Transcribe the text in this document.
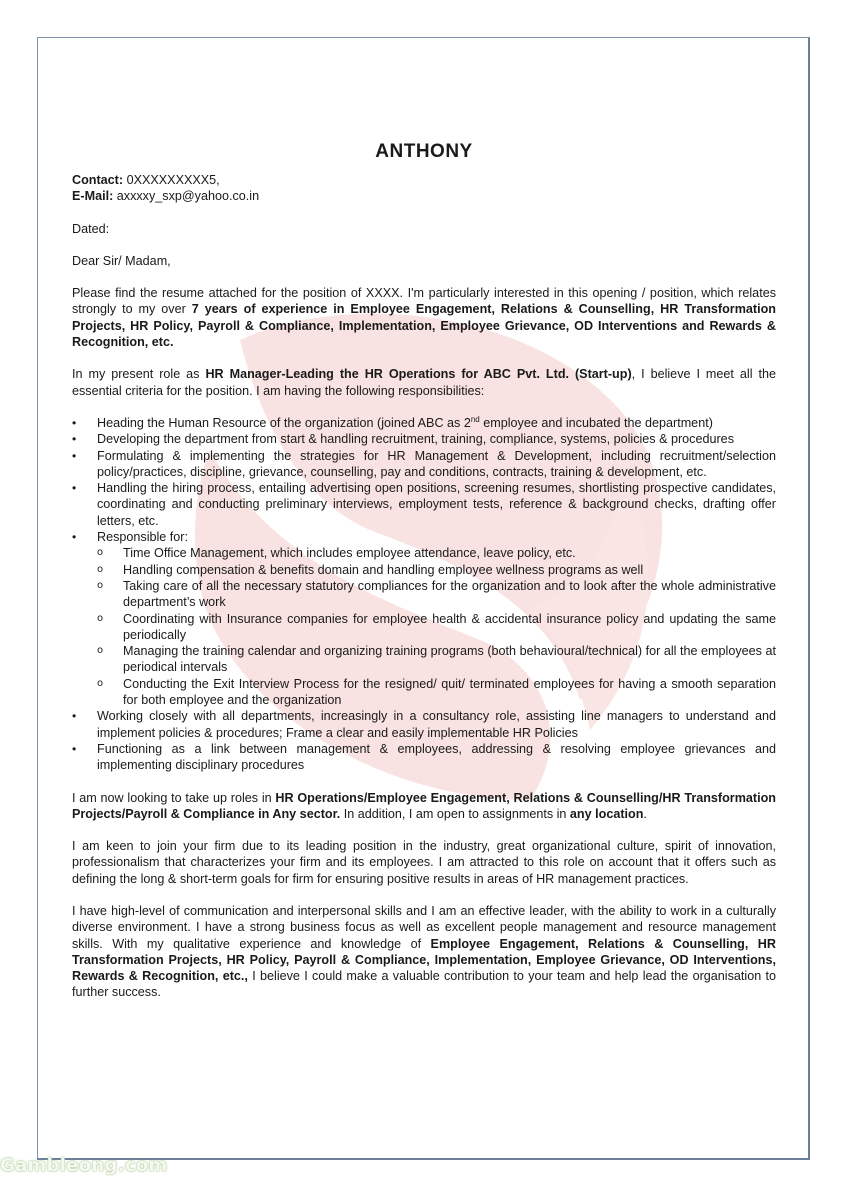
ANTHONY

Contact: 0XXXXXXXXX5,

E-Mail: axxxxy_sxp@yahoo.co.in

Dated:

Dear Sir/ Madam,

Please find the resume attached for the position of XXXX. I'm particularly interested in this opening / position, which relates strongly to my over 7 years of experience in Employee Engagement, Relations & Counselling, HR Transformation Projects, HR Policy, Payroll & Compliance, Implementation, Employee Grievance, OD Interventions and Rewards & Recognition, etc.

In my present role as HR Manager-Leading the HR Operations for ABC Pvt. Ltd. (Start-up), I believe I meet all the essential criteria for the position. I am having the following responsibilities:

• Heading the Human Resource of the organization (joined ABC as 2nd employee and incubated the department)
• Developing the department from start & handling recruitment, training, compliance, systems, policies & procedures
• Formulating & implementing the strategies for HR Management & Development, including recruitment/selection policy/practices, discipline, grievance, counselling, pay and conditions, contracts, training & development, etc.
• Handling the hiring process, entailing advertising open positions, screening resumes, shortlisting prospective candidates, coordinating and conducting preliminary interviews, employment tests, reference & background checks, drafting offer letters, etc.
• Responsible for:
o Time Office Management, which includes employee attendance, leave policy, etc.
o Handling compensation & benefits domain and handling employee wellness programs as well
o Taking care of all the necessary statutory compliances for the organization and to look after the whole administrative department’s work
o Coordinating with Insurance companies for employee health & accidental insurance policy and updating the same periodically
o Managing the training calendar and organizing training programs (both behavioural/technical) for all the employees at periodical intervals
o Conducting the Exit Interview Process for the resigned/ quit/ terminated employees for having a smooth separation for both employee and the organization
• Working closely with all departments, increasingly in a consultancy role, assisting line managers to understand and implement policies & procedures; Frame a clear and easily implementable HR Policies
• Functioning as a link between management & employees, addressing & resolving employee grievances and implementing disciplinary procedures

I am now looking to take up roles in HR Operations/Employee Engagement, Relations & Counselling/HR Transformation Projects/Payroll & Compliance in Any sector. In addition, I am open to assignments in any location.

I am keen to join your firm due to its leading position in the industry, great organizational culture, spirit of innovation, professionalism that characterizes your firm and its employees. I am attracted to this role on account that it offers such as defining the long & short-term goals for firm for ensuring positive results in areas of HR management practices.

I have high-level of communication and interpersonal skills and I am an effective leader, with the ability to work in a culturally diverse environment. I have a strong business focus as well as excellent people management and resource management skills. With my qualitative experience and knowledge of Employee Engagement, Relations & Counselling, HR Transformation Projects, HR Policy, Payroll & Compliance, Implementation, Employee Grievance, OD Interventions, Rewards & Recognition, etc., I believe I could make a valuable contribution to your team and help lead the organisation to further success.

Gambleong.com
